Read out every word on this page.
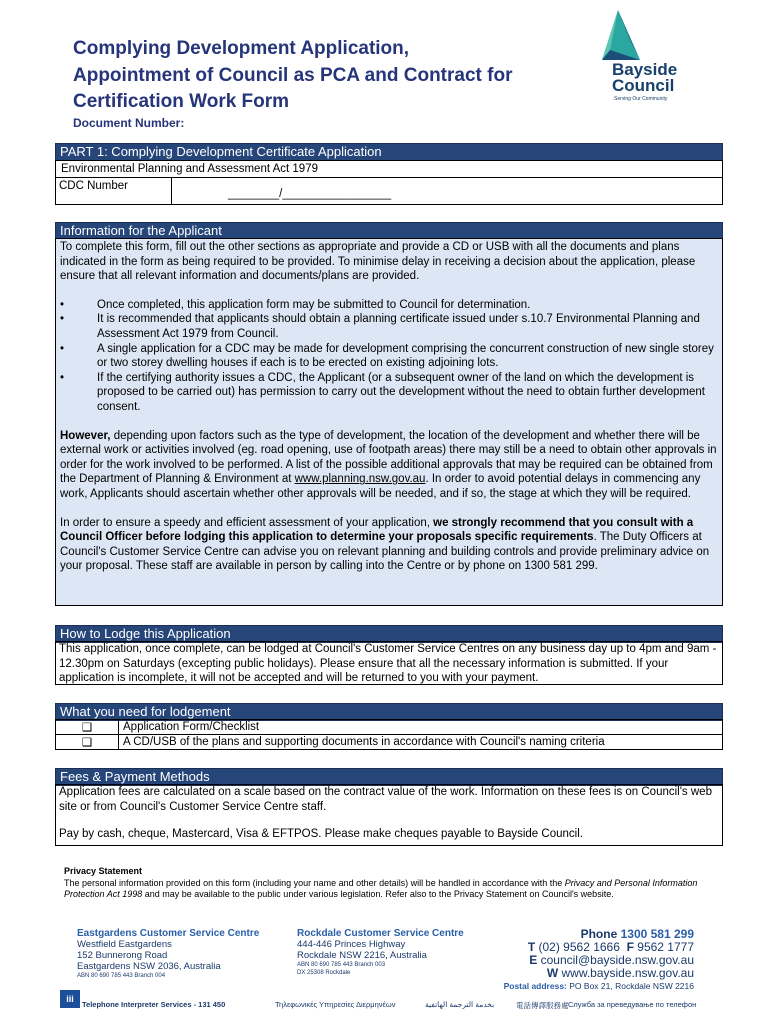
Complying Development Application,
Appointment of Council as PCA and Contract for
Certification Work Form
Document Number:
Bayside
Council
Serving Our Community
PART 1: Complying Development Certificate Application
Environmental Planning and Assessment Act 1979
CDC Number
________/_________________
Information for the Applicant

To complete this form, fill out the other sections as appropriate and provide a CD or USB with all the documents and plans indicated in the form as being required to be provided. To minimise delay in receiving a decision about the application, please ensure that all relevant information and documents/plans are provided.

• Once completed, this application form may be submitted to Council for determination.
• It is recommended that applicants should obtain a planning certificate issued under s.10.7 Environmental Planning and Assessment Act 1979 from Council.
• A single application for a CDC may be made for development comprising the concurrent construction of new single storey or two storey dwelling houses if each is to be erected on existing adjoining lots.
• If the certifying authority issues a CDC, the Applicant (or a subsequent owner of the land on which the development is proposed to be carried out) has permission to carry out the development without the need to obtain further development consent.

However, depending upon factors such as the type of development, the location of the development and whether there will be external work or activities involved (eg. road opening, use of footpath areas) there may still be a need to obtain other approvals in order for the work involved to be performed. A list of the possible additional approvals that may be required can be obtained from the Department of Planning & Environment at www.planning.nsw.gov.au. In order to avoid potential delays in commencing any work, Applicants should ascertain whether other approvals will be needed, and if so, the stage at which they will be required.

In order to ensure a speedy and efficient assessment of your application, we strongly recommend that you consult with a Council Officer before lodging this application to determine your proposals specific requirements. The Duty Officers at Council's Customer Service Centre can advise you on relevant planning and building controls and provide preliminary advice on your proposal. These staff are available in person by calling into the Centre or by phone on 1300 581 299.

How to Lodge this Application

This application, once complete, can be lodged at Council's Customer Service Centres on any business day up to 4pm and 9am - 12.30pm on Saturdays (excepting public holidays). Please ensure that all the necessary information is submitted. If your application is incomplete, it will not be accepted and will be returned to you with your payment.

What you need for lodgement
❑	Application Form/Checklist
❑	A CD/USB of the plans and supporting documents in accordance with Council's naming criteria
Fees & Payment Methods

Application fees are calculated on a scale based on the contract value of the work. Information on these fees is on Council's web site or from Council's Customer Service Centre staff.

Pay by cash, cheque, Mastercard, Visa & EFTPOS. Please make cheques payable to Bayside Council.

Privacy Statement

The personal information provided on this form (including your name and other details) will be handled in accordance with the Privacy and Personal Information Protection Act 1998 and may be available to the public under various legislation. Refer also to the Privacy Statement on Council's website.

Eastgardens Customer Service Centre
Westfield Eastgardens
152 Bunnerong Road
Eastgardens NSW 2036, Australia
ABN 80 690 785 443 Branch 004
Rockdale Customer Service Centre
444-446 Princes Highway
Rockdale NSW 2216, Australia
ABN 80 690 785 443 Branch 003
DX 25308 Rockdale
Phone 1300 581 299
T (02) 9562 1666 F 9562 1777
E council@bayside.nsw.gov.au
W www.bayside.nsw.gov.au
Postal address: PO Box 21, Rockdale NSW 2216
iii
Telephone Interpreter Services - 131 450	Τηλεφωνικές Υπηρεσίες Διερμηνέων	بخدمة الترجمة الهاتفية	電話傳譯服務處 Служба за преведување по телефон
